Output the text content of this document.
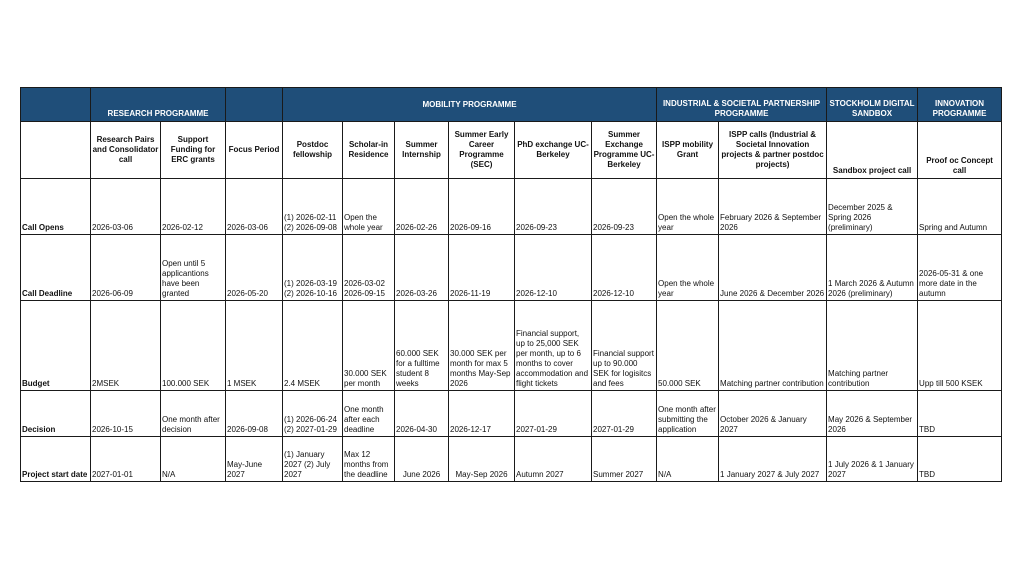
	RESEARCH PROGRAMME			MOBILITY PROGRAMME						INDUSTRIAL & SOCIETAL PARTNERSHIP PROGRAMME		STOCKHOLM DIGITAL SANDBOX	INNOVATION PROGRAMME
	Research Pairs and Consolidator call	Support Funding for ERC grants	Focus Period	Postdoc fellowship	Scholar-in Residence	Summer Internship	Summer Early Career Programme (SEC)	PhD exchange UC-Berkeley	Summer Exchange Programme UC-Berkeley	ISPP mobility Grant	ISPP calls (Industrial & Societal Innovation projects & partner postdoc projects)	Sandbox project call	Proof oc Concept call
Call Opens	2026-03-06	2026-02-12	2026-03-06	(1) 2026-02-11 (2) 2026-09-08	Open the whole year	2026-02-26	2026-09-16	2026-09-23	2026-09-23	Open the whole year	February 2026 & September 2026	December 2025 & Spring 2026 (preliminary)	Spring and Autumn
Call Deadline	2026-06-09	Open until 5 applicantions have been granted	2026-05-20	(1) 2026-03-19 (2) 2026-10-16	2026-03-02 2026-09-15	2026-03-26	2026-11-19	2026-12-10	2026-12-10	Open the whole year	June 2026 & December 2026	1 March 2026 & Autumn 2026 (preliminary)	2026-05-31 & one more date in the autumn
Budget	2MSEK	100.000 SEK	1 MSEK	2.4 MSEK	30.000 SEK per month	60.000 SEK for a fulltime student 8 weeks	30.000 SEK per month for max 5 months May-Sep 2026	Financial support, up to 25,000 SEK per month, up to 6 months to cover accommodation and flight tickets	Financial support up to 90.000 SEK for logisitcs and fees	50.000 SEK	Matching partner contribution	Matching partner contribution	Upp till 500 KSEK
Decision	2026-10-15	One month after decision	2026-09-08	(1) 2026-06-24 (2) 2027-01-29	One month after each deadline	2026-04-30	2026-12-17	2027-01-29	2027-01-29	One month after submitting the application	October 2026 & January 2027	May 2026 & September 2026	TBD
Project start date	2027-01-01	N/A	May-June 2027	(1) January 2027 (2) July 2027	Max 12 months from the deadline	June 2026	May-Sep 2026	Autumn 2027	Summer 2027	N/A	1 January 2027 & July 2027	1 July 2026 & 1 January 2027	TBD
